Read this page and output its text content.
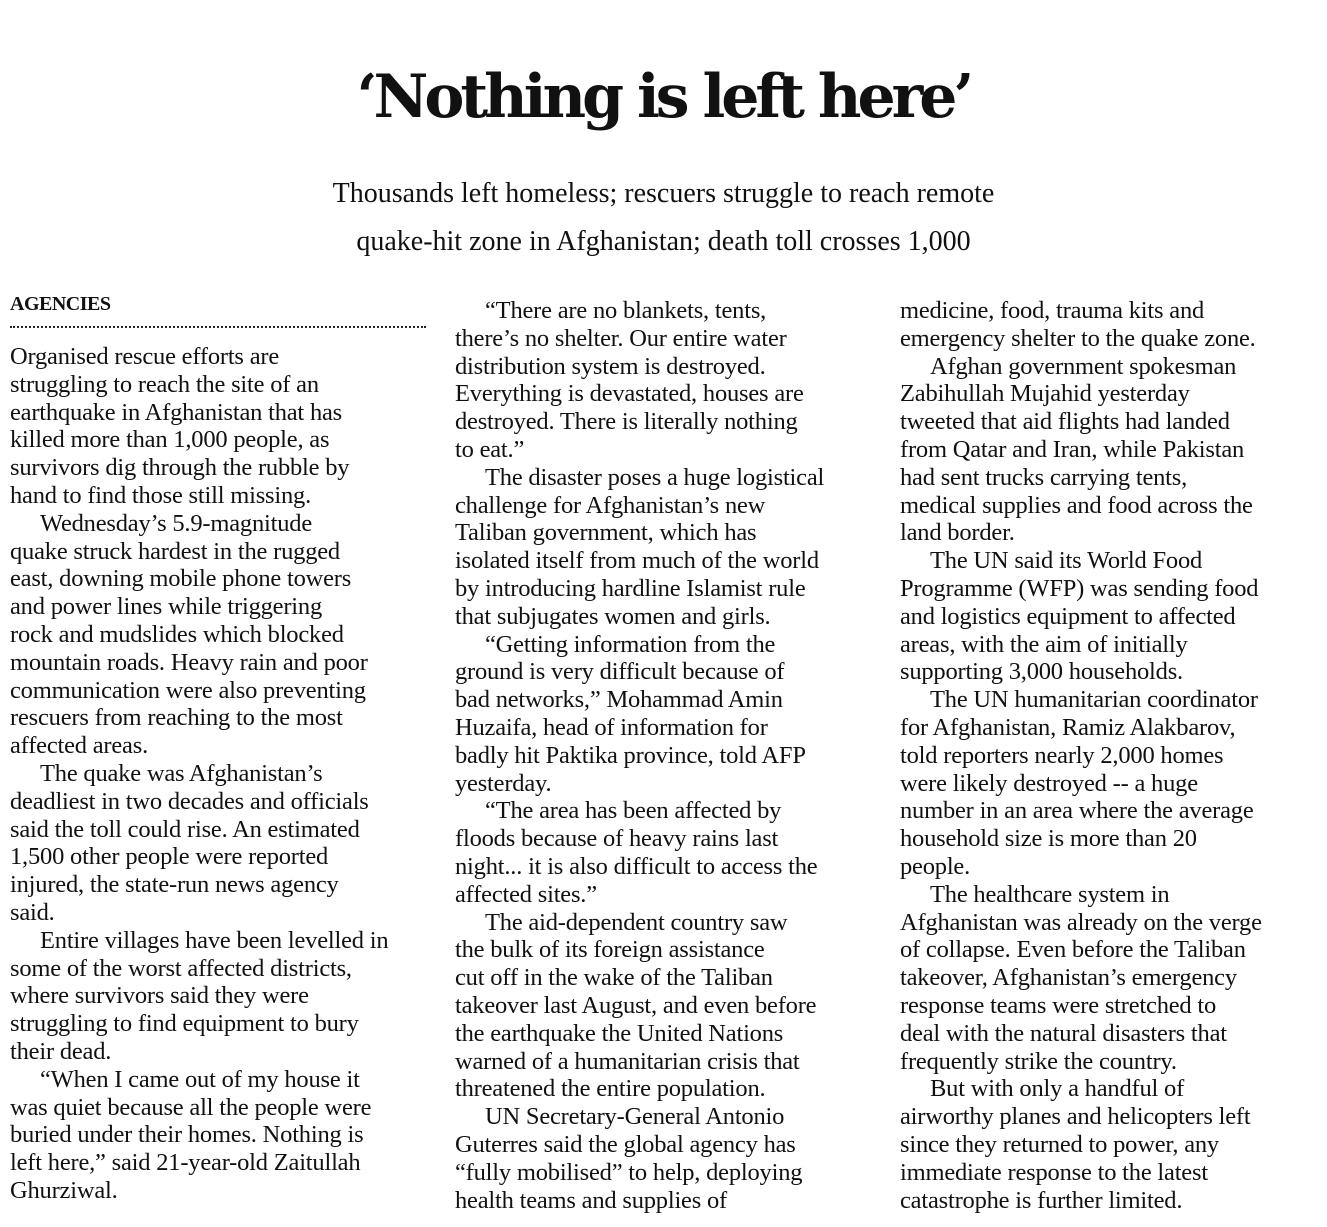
‘Nothing is left here’
Thousands left homeless; rescuers struggle to reach remote
quake-hit zone in Afghanistan; death toll crosses 1,000
AGENCIES
Organised rescue efforts are
struggling to reach the site of an
earthquake in Afghanistan that has
killed more than 1,000 people, as
survivors dig through the rubble by
hand to find those still missing.
Wednesday’s 5.9-magnitude
quake struck hardest in the rugged
east, downing mobile phone towers
and power lines while triggering
rock and mudslides which blocked
mountain roads. Heavy rain and poor
communication were also preventing
rescuers from reaching to the most
affected areas.
The quake was Afghanistan’s
deadliest in two decades and officials
said the toll could rise. An estimated
1,500 other people were reported
injured, the state-run news agency
said.
Entire villages have been levelled in
some of the worst affected districts,
where survivors said they were
struggling to find equipment to bury
their dead.
“When I came out of my house it
was quiet because all the people were
buried under their homes. Nothing is
left here,” said 21-year-old Zaitullah
Ghurziwal.
“There are no blankets, tents,
there’s no shelter. Our entire water
distribution system is destroyed.
Everything is devastated, houses are
destroyed. There is literally nothing
to eat.”
The disaster poses a huge logistical
challenge for Afghanistan’s new
Taliban government, which has
isolated itself from much of the world
by introducing hardline Islamist rule
that subjugates women and girls.
“Getting information from the
ground is very difficult because of
bad networks,” Mohammad Amin
Huzaifa, head of information for
badly hit Paktika province, told AFP
yesterday.
“The area has been affected by
floods because of heavy rains last
night... it is also difficult to access the
affected sites.”
The aid-dependent country saw
the bulk of its foreign assistance
cut off in the wake of the Taliban
takeover last August, and even before
the earthquake the United Nations
warned of a humanitarian crisis that
threatened the entire population.
UN Secretary-General Antonio
Guterres said the global agency has
“fully mobilised” to help, deploying
health teams and supplies of
medicine, food, trauma kits and
emergency shelter to the quake zone.
Afghan government spokesman
Zabihullah Mujahid yesterday
tweeted that aid flights had landed
from Qatar and Iran, while Pakistan
had sent trucks carrying tents,
medical supplies and food across the
land border.
The UN said its World Food
Programme (WFP) was sending food
and logistics equipment to affected
areas, with the aim of initially
supporting 3,000 households.
The UN humanitarian coordinator
for Afghanistan, Ramiz Alakbarov,
told reporters nearly 2,000 homes
were likely destroyed -- a huge
number in an area where the average
household size is more than 20
people.
The healthcare system in
Afghanistan was already on the verge
of collapse. Even before the Taliban
takeover, Afghanistan’s emergency
response teams were stretched to
deal with the natural disasters that
frequently strike the country.
But with only a handful of
airworthy planes and helicopters left
since they returned to power, any
immediate response to the latest
catastrophe is further limited.
